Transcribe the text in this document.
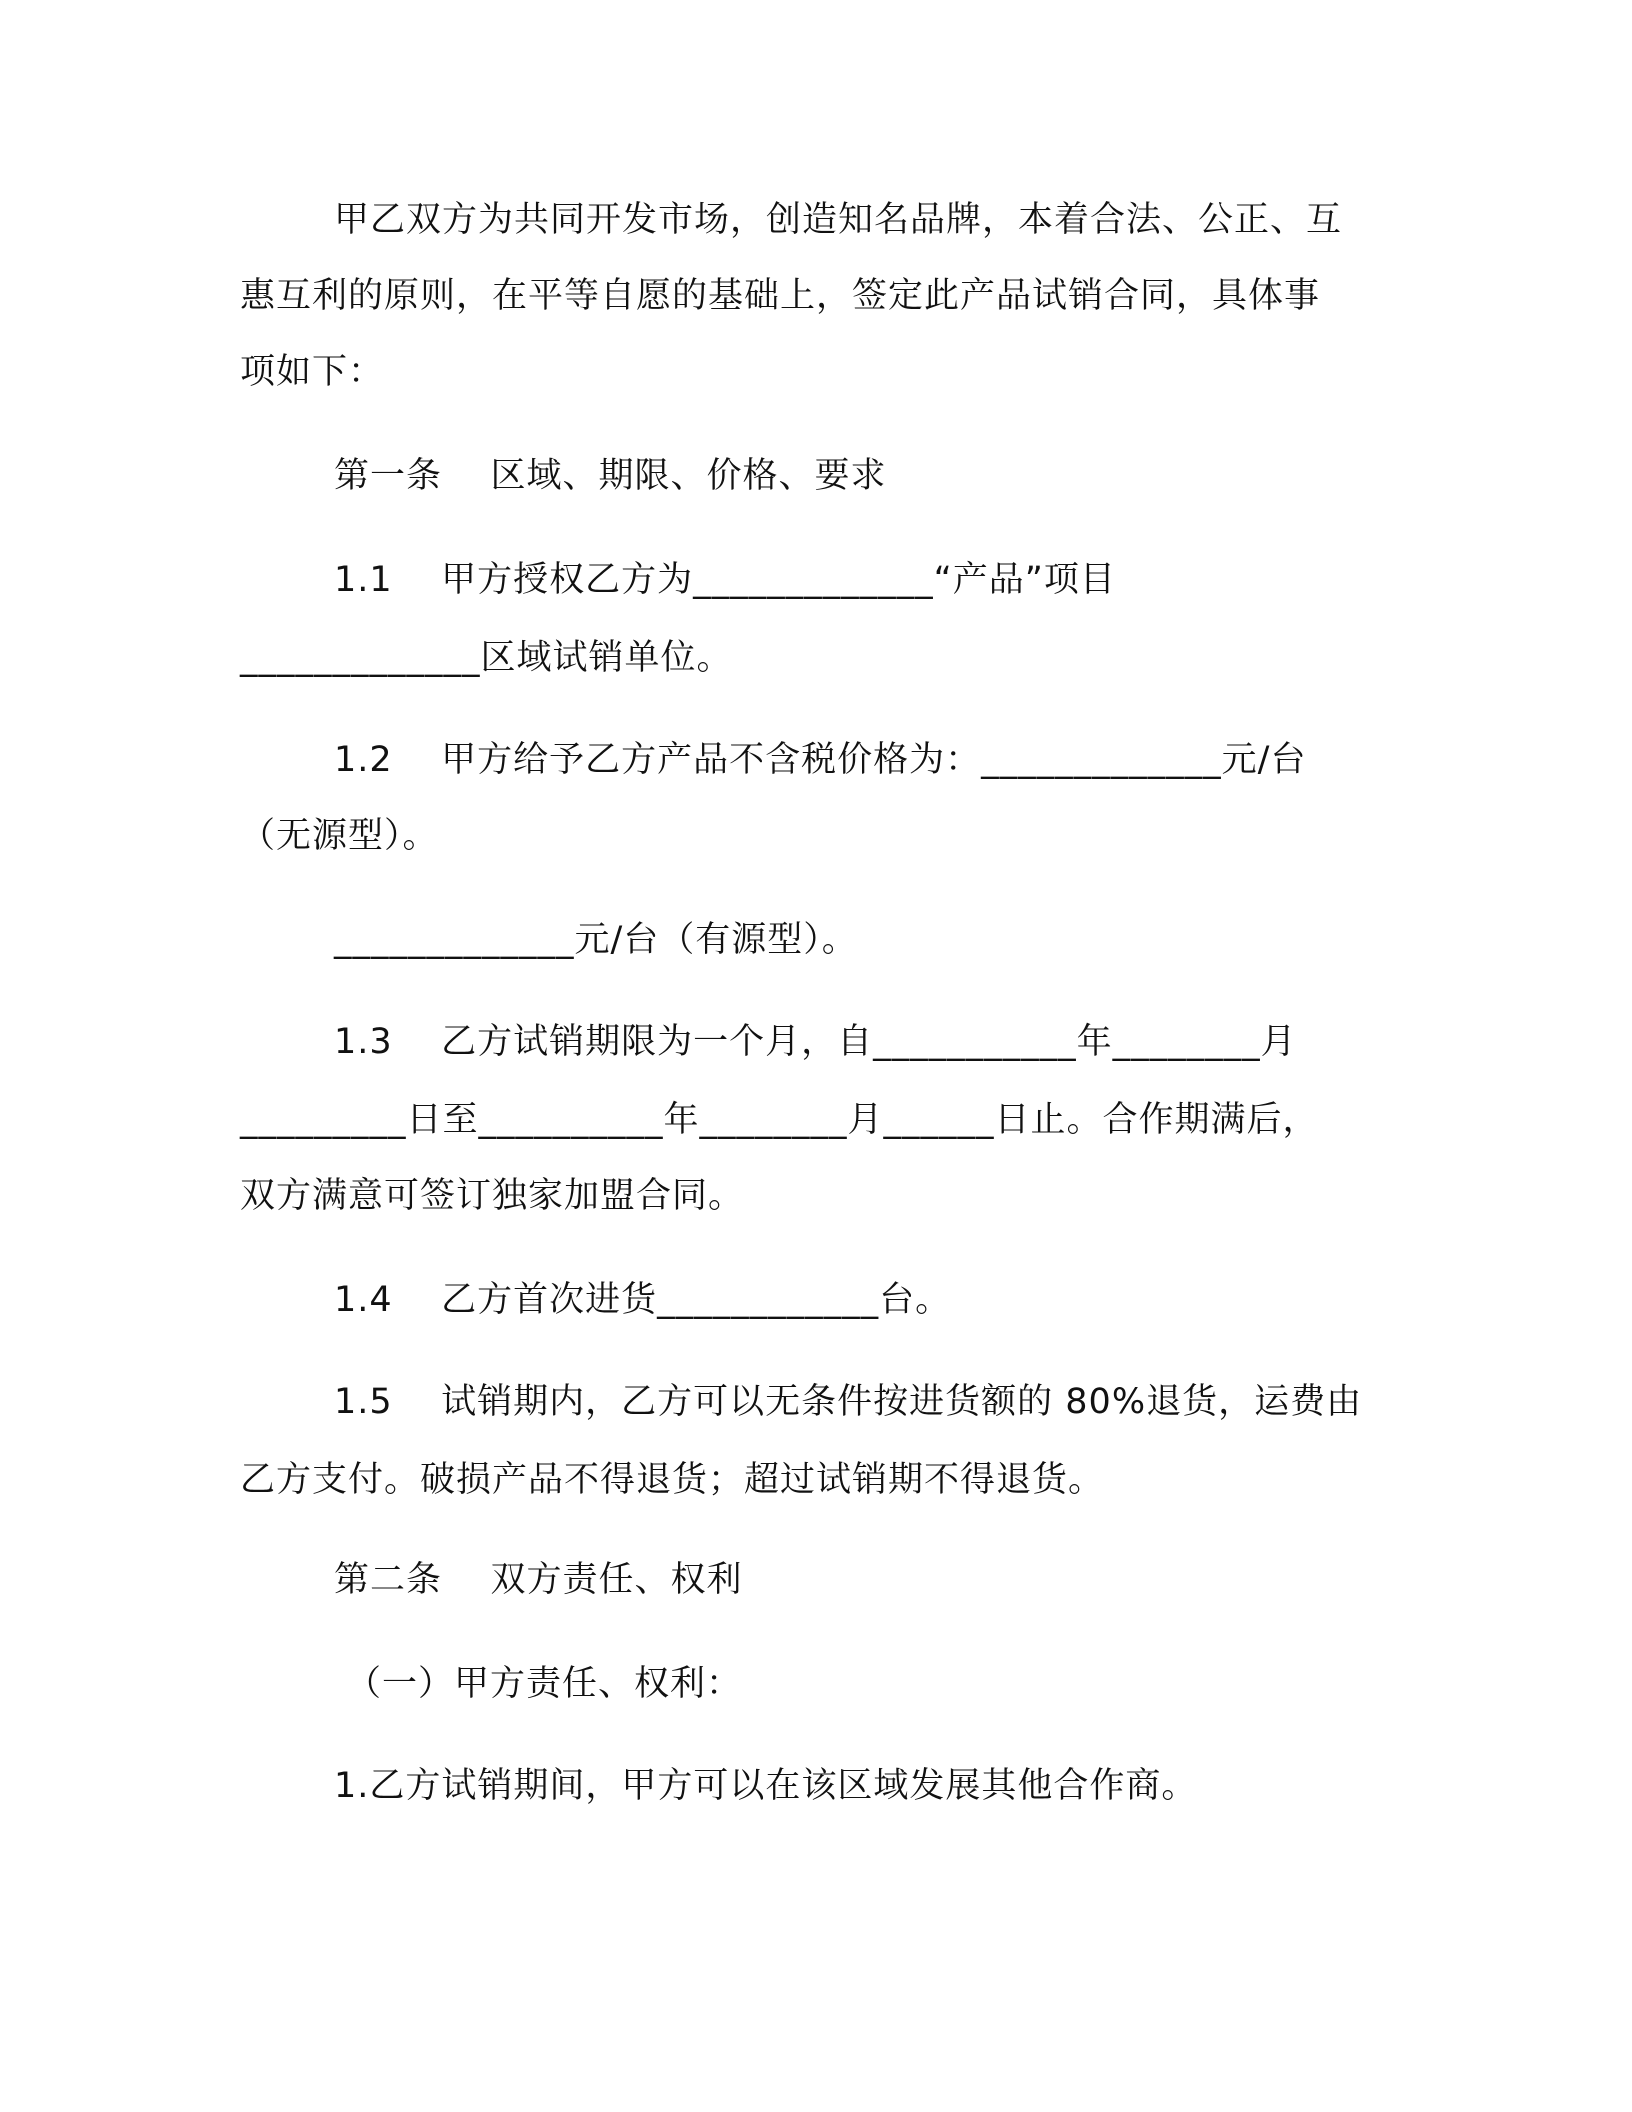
甲乙双方为共同开发市场，创造知名品牌，本着合法、公正、互
惠互利的原则，在平等自愿的基础上，签定此产品试销合同，具体事
项如下：
第一条    区域、期限、价格、要求
1.1    甲方授权乙方为_____________“产品”项目
_____________区域试销单位。
1.2    甲方给予乙方产品不含税价格为：_____________元/台
（无源型）。
_____________元/台（有源型）。
1.3    乙方试销期限为一个月，自___________年________月
_________日至__________年________月______日止。合作期满后，
双方满意可签订独家加盟合同。
1.4    乙方首次进货____________台。
1.5    试销期内，乙方可以无条件按进货额的 80%退货，运费由
乙方支付。破损产品不得退货；超过试销期不得退货。
第二条    双方责任、权利
（一）甲方责任、权利：
1.乙方试销期间，甲方可以在该区域发展其他合作商。
